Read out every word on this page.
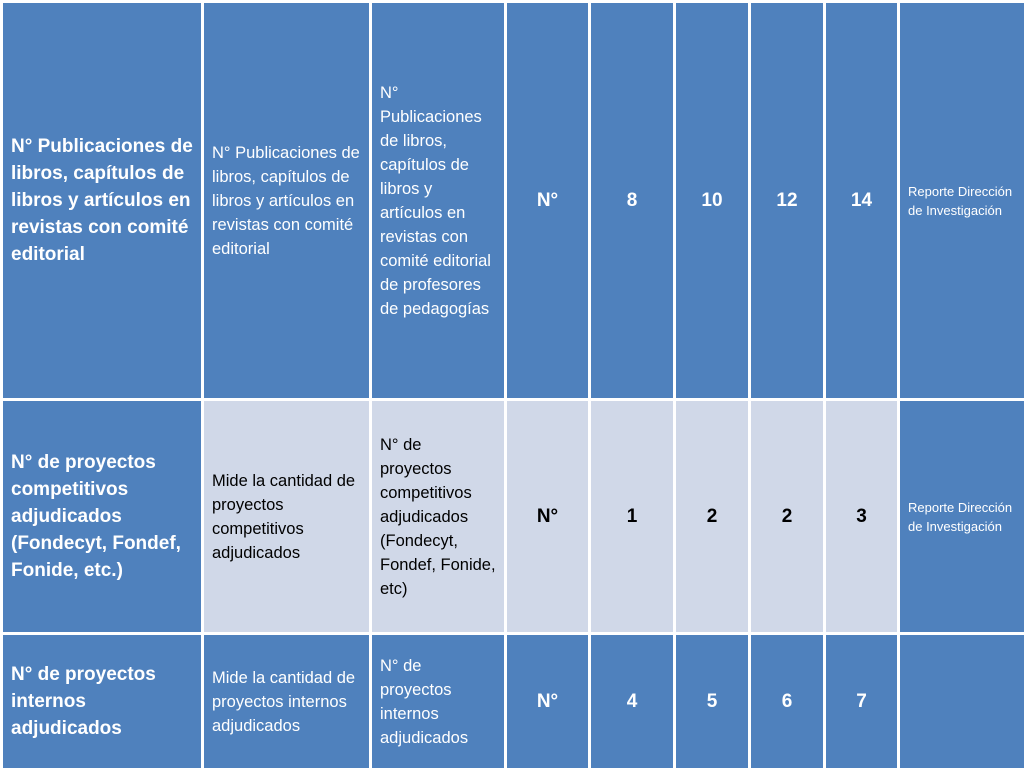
N° Publicaciones de libros, capítulos de libros y artículos en revistas con comité editorial	N° Publicaciones de libros, capítulos de libros y artículos en revistas con comité editorial	N° Publicaciones de libros, capítulos de libros y artículos en revistas con comité editorial de profesores de pedagogías	N°	8	10	12	14	Reporte Dirección de Investigación

N° de proyectos competitivos adjudicados (Fondecyt, Fondef, Fonide, etc.)	Mide la cantidad de proyectos competitivos adjudicados	N° de proyectos competitivos adjudicados (Fondecyt, Fondef, Fonide, etc)	N°	1	2	2	3	Reporte Dirección de Investigación

N° de proyectos internos adjudicados	Mide la cantidad de proyectos internos adjudicados	N° de proyectos internos adjudicados	N°	4	5	6	7	
